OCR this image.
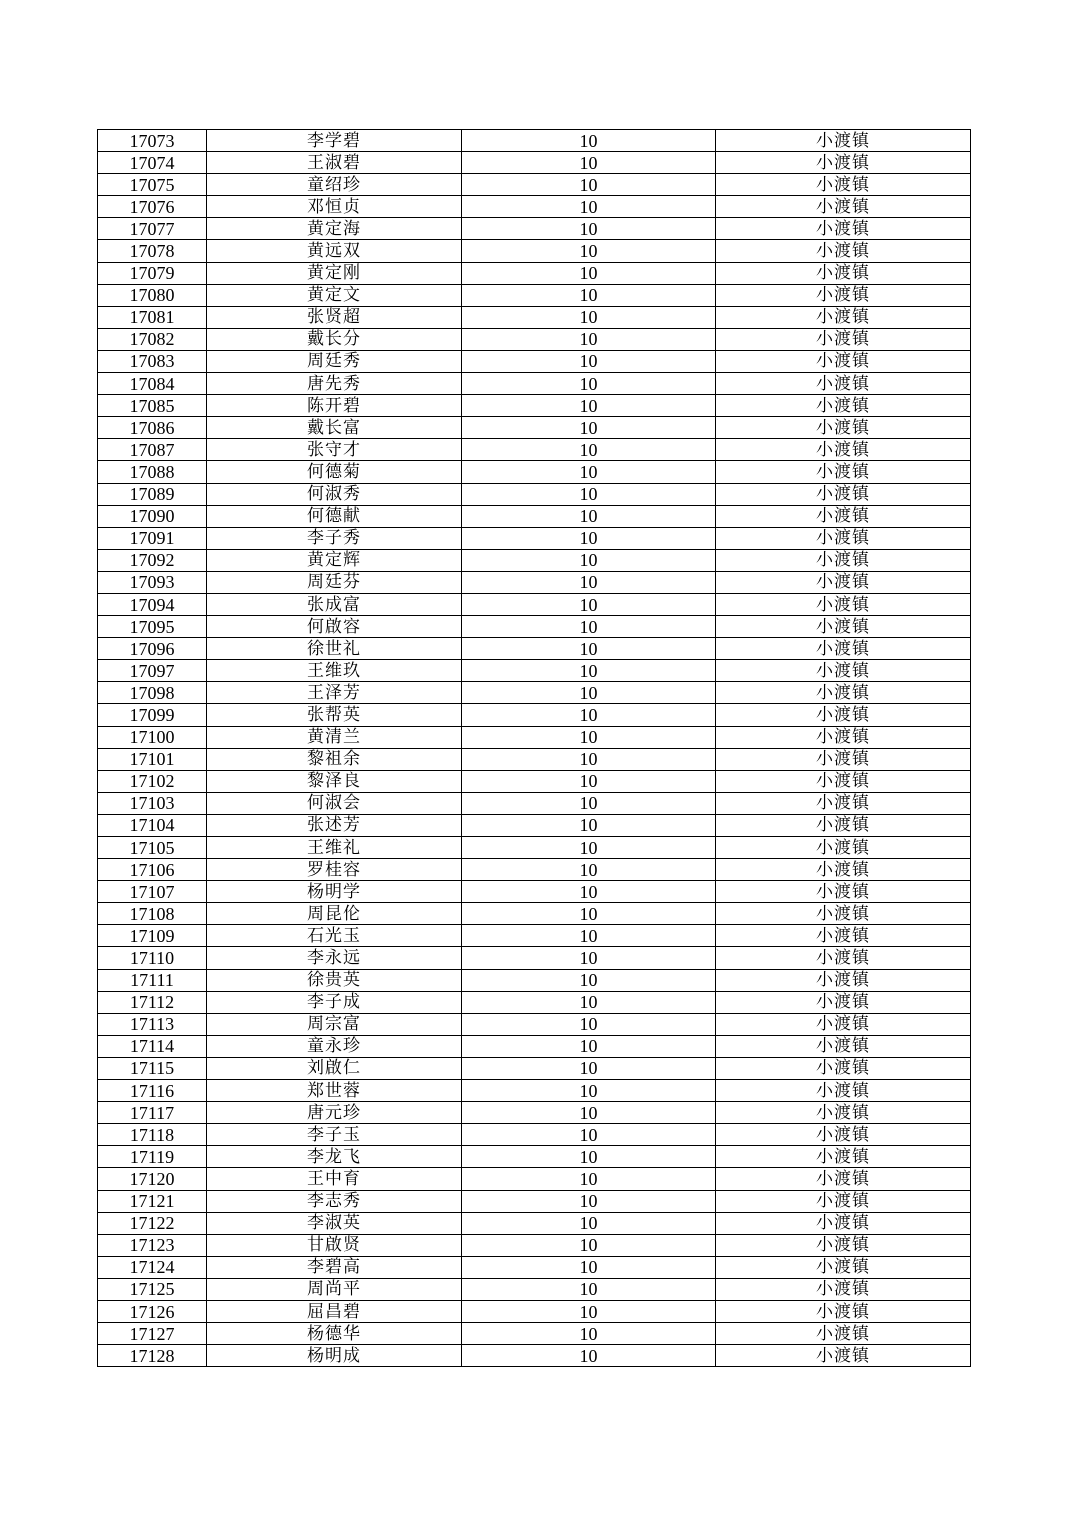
17073	李学碧	10	小渡镇
17074	王淑碧	10	小渡镇
17075	童绍珍	10	小渡镇
17076	邓恒贞	10	小渡镇
17077	黄定海	10	小渡镇
17078	黄远双	10	小渡镇
17079	黄定刚	10	小渡镇
17080	黄定文	10	小渡镇
17081	张贤超	10	小渡镇
17082	戴长分	10	小渡镇
17083	周廷秀	10	小渡镇
17084	唐先秀	10	小渡镇
17085	陈开碧	10	小渡镇
17086	戴长富	10	小渡镇
17087	张守才	10	小渡镇
17088	何德菊	10	小渡镇
17089	何淑秀	10	小渡镇
17090	何德献	10	小渡镇
17091	李子秀	10	小渡镇
17092	黄定辉	10	小渡镇
17093	周廷芬	10	小渡镇
17094	张成富	10	小渡镇
17095	何啟容	10	小渡镇
17096	徐世礼	10	小渡镇
17097	王维玖	10	小渡镇
17098	王泽芳	10	小渡镇
17099	张帮英	10	小渡镇
17100	黄清兰	10	小渡镇
17101	黎祖余	10	小渡镇
17102	黎泽良	10	小渡镇
17103	何淑会	10	小渡镇
17104	张述芳	10	小渡镇
17105	王维礼	10	小渡镇
17106	罗桂容	10	小渡镇
17107	杨明学	10	小渡镇
17108	周昆伦	10	小渡镇
17109	石光玉	10	小渡镇
17110	李永远	10	小渡镇
17111	徐贵英	10	小渡镇
17112	李子成	10	小渡镇
17113	周宗富	10	小渡镇
17114	童永珍	10	小渡镇
17115	刘啟仁	10	小渡镇
17116	郑世蓉	10	小渡镇
17117	唐元珍	10	小渡镇
17118	李子玉	10	小渡镇
17119	李龙飞	10	小渡镇
17120	王中育	10	小渡镇
17121	李志秀	10	小渡镇
17122	李淑英	10	小渡镇
17123	甘啟贤	10	小渡镇
17124	李碧高	10	小渡镇
17125	周尚平	10	小渡镇
17126	屈昌碧	10	小渡镇
17127	杨德华	10	小渡镇
17128	杨明成	10	小渡镇
